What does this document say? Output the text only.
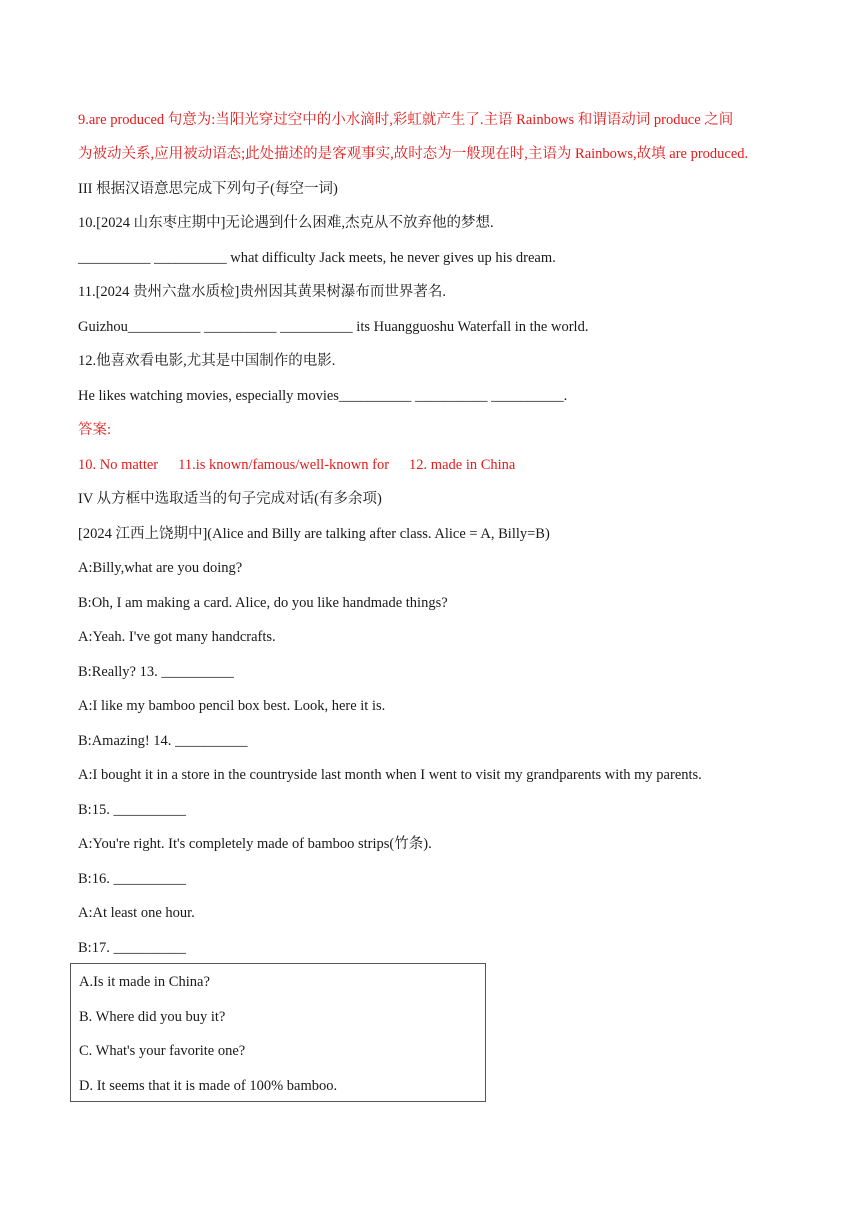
9.are produced 句意为:当阳光穿过空中的小水滴时,彩虹就产生了.主语 Rainbows 和谓语动词 produce 之间
为被动关系,应用被动语态;此处描述的是客观事实,故时态为一般现在时,主语为 Rainbows,故填 are produced.
III 根据汉语意思完成下列句子(每空一词)
10.[2024 山东枣庄期中]无论遇到什么困难,杰克从不放弃他的梦想.
__________ __________ what difficulty Jack meets, he never gives up his dream.
11.[2024 贵州六盘水质检]贵州因其黄果树瀑布而世界著名.
Guizhou__________ __________ __________ its Huangguoshu Waterfall in the world.
12.他喜欢看电影,尤其是中国制作的电影.
He likes watching movies, especially movies__________ __________ __________.
答案:
10. No matter 11.is known/famous/well-known for 12. made in China
IV 从方框中选取适当的句子完成对话(有多余项)
[2024 江西上饶期中](Alice and Billy are talking after class. Alice = A, Billy=B)
A:Billy,what are you doing?
B:Oh, I am making a card. Alice, do you like handmade things?
A:Yeah. I've got many handcrafts.
B:Really? 13. __________
A:I like my bamboo pencil box best. Look, here it is.
B:Amazing! 14. __________
A:I bought it in a store in the countryside last month when I went to visit my grandparents with my parents.
B:15. __________
A:You're right. It's completely made of bamboo strips(竹条).
B:16. __________
A:At least one hour.
B:17. __________
A.Is it made in China?
B. Where did you buy it?
C. What's your favorite one?
D. It seems that it is made of 100% bamboo.
